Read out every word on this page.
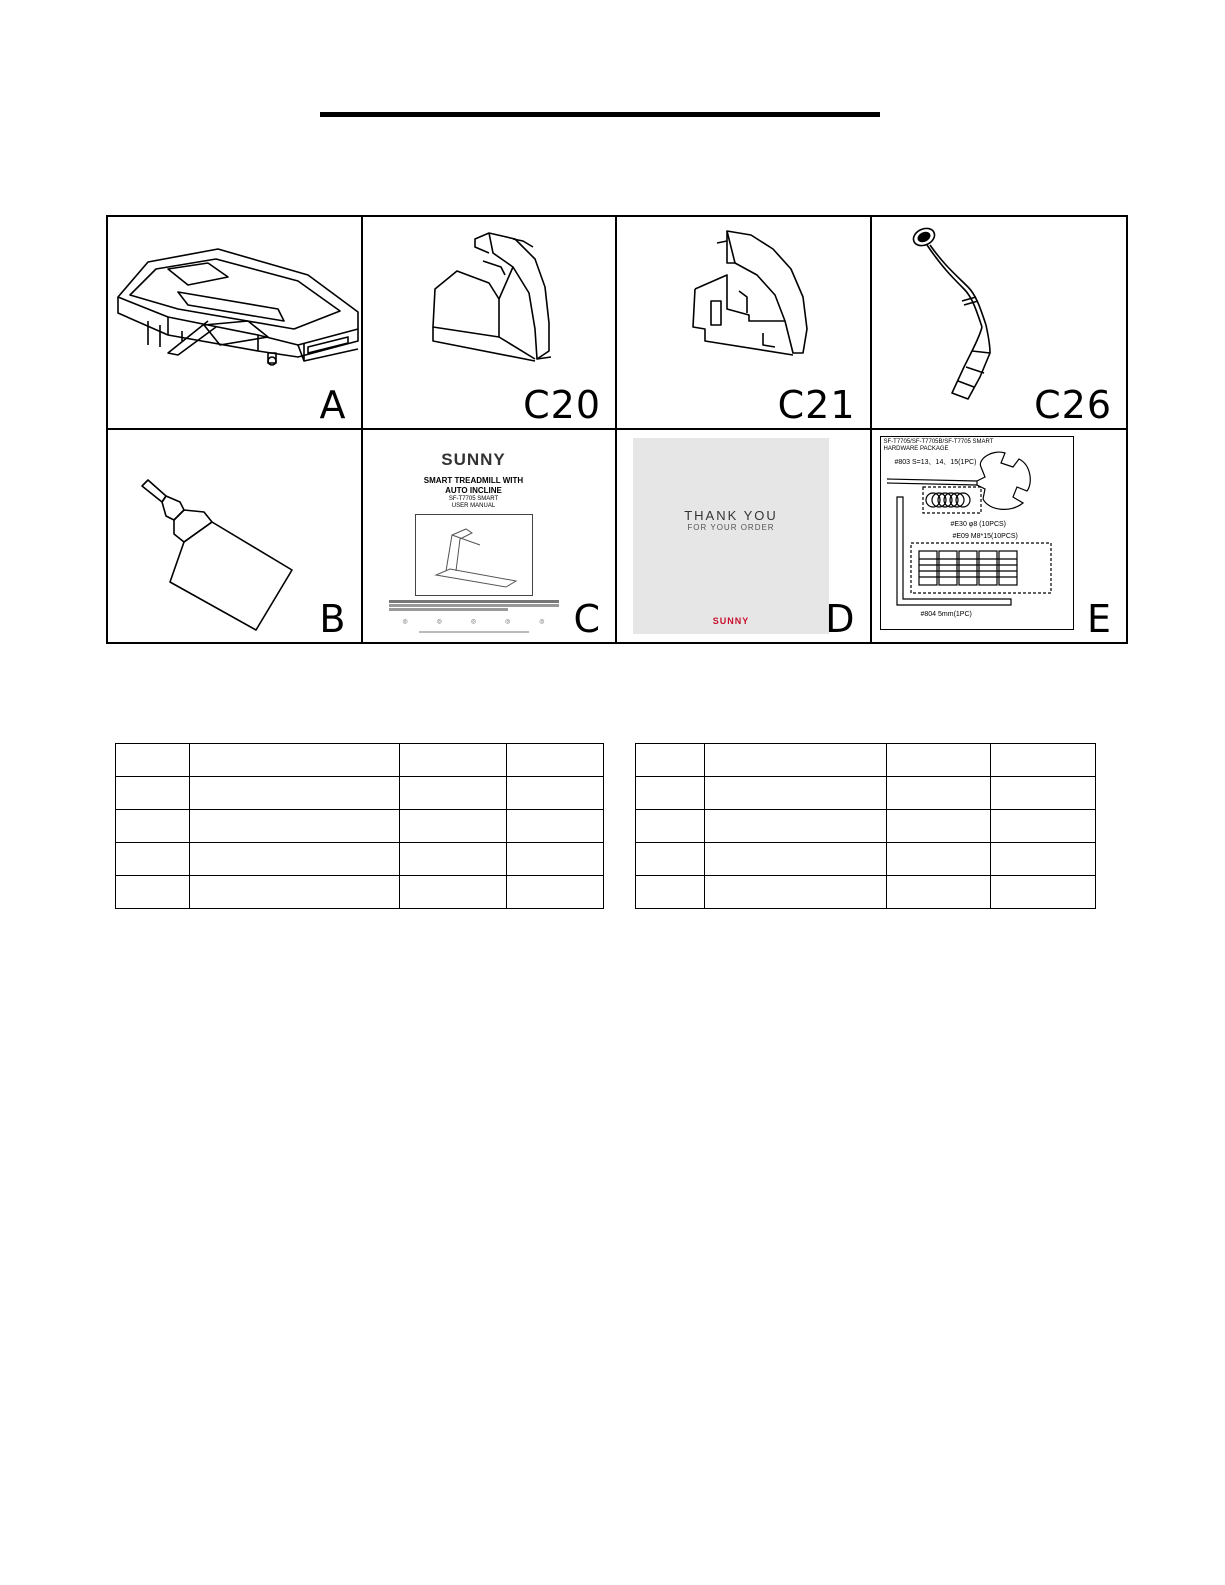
A	C20	C21	C26
B
SUNNY
SMART TREADMILL WITH
AUTO INCLINE
SF-T7705 SMART
USER MANUAL
◎	◎	◎	◎	◎ C
THANK YOU
FOR YOUR ORDER
SUNNY	D
SF-T7705/SF-T7705B/SF-T7705 SMART
HARDWARE PACKAGE
#803 S=13、14、15(1PC)
#E30 φ8 (10PCS)
#E09 M8*15(10PCS)
#804 5mm(1PC)	E
